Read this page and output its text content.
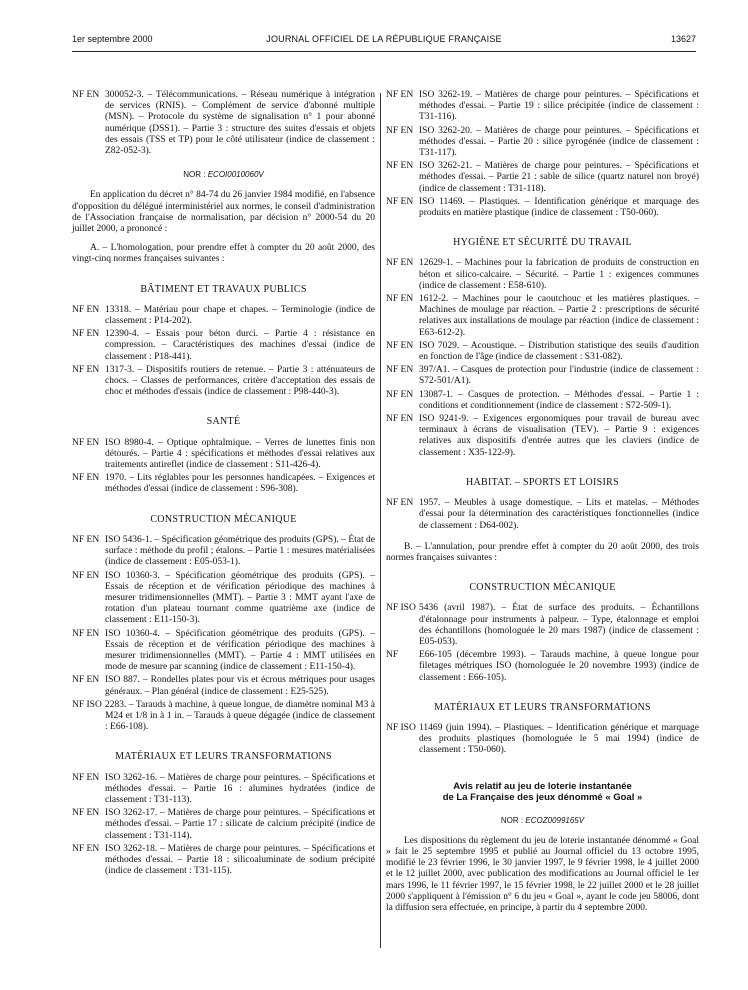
1er septembre 2000	JOURNAL OFFICIEL DE LA RÉPUBLIQUE FRANÇAISE	13627
NF EN 300052-3. – Télécommunications. – Réseau numérique à intégration de services (RNIS). – Complément de service d'abonné multiple (MSN). – Protocole du système de signalisation n° 1 pour abonné numérique (DSS1). – Partie 3 : structure des suites d'essais et objets des essais (TSS et TP) pour le côté utilisateur (indice de classement : Z82-052-3).
NOR : ECOI0010060V

En application du décret n° 84-74 du 26 janvier 1984 modifié, en l'absence d'opposition du délégué interministériel aux normes, le conseil d'administration de l'Association française de normalisation, par décision n° 2000-54 du 20 juillet 2000, a prononcé :

A. – L'homologation, pour prendre effet à compter du 20 août 2000, des vingt-cinq normes françaises suivantes :

BÂTIMENT ET TRAVAUX PUBLICS
NF EN 13318. – Matériau pour chape et chapes. – Terminologie (indice de classement : P14-202).
NF EN 12390-4. – Essais pour béton durci. – Partie 4 : résistance en compression. – Caractéristiques des machines d'essai (indice de classement : P18-441).
NF EN 1317-3. – Dispositifs routiers de retenue. – Partie 3 : atténuateurs de chocs. – Classes de performances, critère d'acceptation des essais de choc et méthodes d'essais (indice de classement : P98-440-3).
SANTÉ
NF EN ISO 8980-4. – Optique ophtalmique. – Verres de lunettes finis non détourés. – Partie 4 : spécifications et méthodes d'essai relatives aux traitements antireflet (indice de classement : S11-426-4).
NF EN 1970. – Lits réglables pour les personnes handicapées. – Exigences et méthodes d'essai (indice de classement : S96-308).
CONSTRUCTION MÉCANIQUE
NF EN ISO 5436-1. – Spécification géométrique des produits (GPS). – État de surface : méthode du profil ; étalons. – Partie 1 : mesures matérialisées (indice de classement : E05-053-1).
NF EN ISO 10360-3. – Spécification géométrique des produits (GPS). – Essais de réception et de vérification périodique des machines à mesurer tridimensionnelles (MMT). – Partie 3 : MMT ayant l'axe de rotation d'un plateau tournant comme quatrième axe (indice de classement : E11-150-3).
NF EN ISO 10360-4. – Spécification géométrique des produits (GPS). – Essais de réception et de vérification périodique des machines à mesurer tridimensionnelles (MMT). – Partie 4 : MMT utilisées en mode de mesure par scanning (indice de classement : E11-150-4).
NF EN ISO 887. – Rondelles plates pour vis et écrous métriques pour usages généraux. – Plan général (indice de classement : E25-525).
NF ISO 2283. – Tarauds à machine, à queue longue, de diamètre nominal M3 à M24 et 1/8 in à 1 in. – Tarauds à queue dégagée (indice de classement : E66-108).
MATÉRIAUX ET LEURS TRANSFORMATIONS
NF EN ISO 3262-16. – Matières de charge pour peintures. – Spécifications et méthodes d'essai. – Partie 16 : alumines hydratées (indice de classement : T31-113).
NF EN ISO 3262-17. – Matières de charge pour peintures. – Spécifications et méthodes d'essai. – Partie 17 : silicate de calcium précipité (indice de classement : T31-114).
NF EN ISO 3262-18. – Matières de charge pour peintures. – Spécifications et méthodes d'essai. – Partie 18 : silicoaluminate de sodium précipité (indice de classement : T31-115).
NF EN ISO 3262-19. – Matières de charge pour peintures. – Spécifications et méthodes d'essai. – Partie 19 : silice précipitée (indice de classement : T31-116).
NF EN ISO 3262-20. – Matières de charge pour peintures. – Spécifications et méthodes d'essai. – Partie 20 : silice pyrogénée (indice de classement : T31-117).
NF EN ISO 3262-21. – Matières de charge pour peintures. – Spécifications et méthodes d'essai. – Partie 21 : sable de silice (quartz naturel non broyé) (indice de classement : T31-118).
NF EN ISO 11469. – Plastiques. – Identification générique et marquage des produits en matière plastique (indice de classement : T50-060).
HYGIÈNE ET SÉCURITÉ DU TRAVAIL
NF EN 12629-1. – Machines pour la fabrication de produits de construction en béton et silico-calcaire. – Sécurité. – Partie 1 : exigences communes (indice de classement : E58-610).
NF EN 1612-2. – Machines pour le caoutchouc et les matières plastiques. – Machines de moulage par réaction. – Partie 2 : prescriptions de sécurité relatives aux installations de moulage par réaction (indice de classement : E63-612-2).
NF EN ISO 7029. – Acoustique. – Distribution statistique des seuils d'audition en fonction de l'âge (indice de classement : S31-082).
NF EN 397/A1. – Casques de protection pour l'industrie (indice de classement : S72-501/A1).
NF EN 13087-1. – Casques de protection. – Méthodes d'essai. – Partie 1 : conditions et conditionnement (indice de classement : S72-509-1).
NF EN ISO 9241-9. – Exigences ergonomiques pour travail de bureau avec terminaux à écrans de visualisation (TEV). – Partie 9 : exigences relatives aux dispositifs d'entrée autres que les claviers (indice de classement : X35-122-9).
HABITAT. – SPORTS ET LOISIRS
NF EN 1957. – Meubles à usage domestique. – Lits et matelas. – Méthodes d'essai pour la détermination des caractéristiques fonctionnelles (indice de classement : D64-002).

B. – L'annulation, pour prendre effet à compter du 20 août 2000, des trois normes françaises suivantes :

CONSTRUCTION MÉCANIQUE
NF ISO 5436 (avril 1987). – État de surface des produits. – Échantillons d'étalonnage pour instruments à palpeur. – Type, étalonnage et emploi des échantillons (homologuée le 20 mars 1987) (indice de classement : E05-053).
NF	E66-105 (décembre 1993). – Tarauds machine, à queue longue pour filetages métriques ISO (homologuée le 20 novembre 1993) (indice de classement : E66-105).
MATÉRIAUX ET LEURS TRANSFORMATIONS
NF ISO 11469 (juin 1994). – Plastiques. – Identification générique et marquage des produits plastiques (homologuée le 5 mai 1994) (indice de classement : T50-060).
Avis relatif au jeu de loterie instantanée
de La Française des jeux dénommé « Goal »
NOR : ECOZ0099165V

Les dispositions du règlement du jeu de loterie instantanée dénommé « Goal » fait le 25 septembre 1995 et publié au Journal officiel du 13 octobre 1995, modifié le 23 février 1996, le 30 janvier 1997, le 9 février 1998, le 4 juillet 2000 et le 12 juillet 2000, avec publication des modifications au Journal officiel le 1er mars 1996, le 11 février 1997, le 15 février 1998, le 22 juillet 2000 et le 28 juillet 2000 s'appliquent à l'émission n° 6 du jeu « Goal », ayant le code jeu 58006, dont la diffusion sera effectuée, en principe, à partir du 4 septembre 2000.
